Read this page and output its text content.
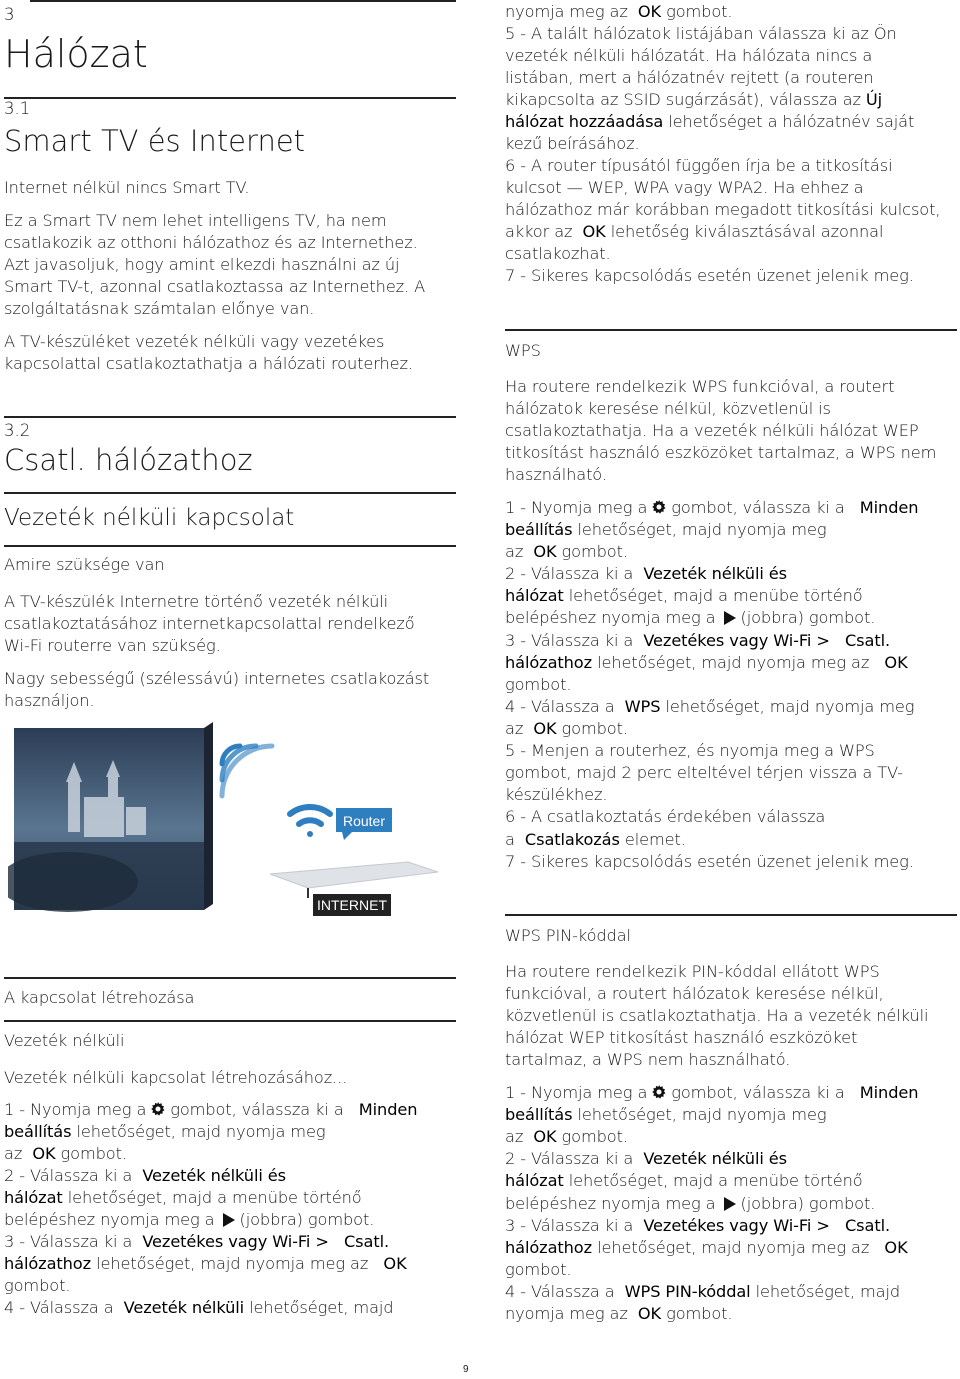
3
Hálózat
3.1
Smart TV és Internet
Internet nélkül nincs Smart TV.
Ez a Smart TV nem lehet intelligens TV, ha nem
csatlakozik az otthoni hálózathoz és az Internethez.
Azt javasoljuk, hogy amint elkezdi használni az új
Smart TV-t, azonnal csatlakoztassa az Internethez. A
szolgáltatásnak számtalan előnye van.
A TV-készüléket vezeték nélküli vagy vezetékes
kapcsolattal csatlakoztathatja a hálózati routerhez.
3.2
Csatl. hálózathoz
Vezeték nélküli kapcsolat
Amire szüksége van
A TV-készülék Internetre történő vezeték nélküli
csatlakoztatásához internetkapcsolattal rendelkező
Wi-Fi routerre van szükség.
Nagy sebességű (szélessávú) internetes csatlakozást
használjon.
Router
INTERNET
A kapcsolat létrehozása
Vezeték nélküli
Vezeték nélküli kapcsolat létrehozásához...
1 - Nyomja meg a gombot, válassza ki a Minden
beállítás lehetőséget, majd nyomja meg
az OK gombot.
2 - Válassza ki a Vezeték nélküli és
hálózat lehetőséget, majd a menübe történő
belépéshez nyomja meg a (jobbra) gombot.
3 - Válassza ki a Vezetékes vagy Wi-Fi > Csatl.
hálózathoz lehetőséget, majd nyomja meg az OK
gombot.
4 - Válassza a Vezeték nélküli lehetőséget, majd
nyomja meg az OK gombot.
5 - A talált hálózatok listájában válassza ki az Ön
vezeték nélküli hálózatát. Ha hálózata nincs a
listában, mert a hálózatnév rejtett (a routeren
kikapcsolta az SSID sugárzását), válassza az Új
hálózat hozzáadása lehetőséget a hálózatnév saját
kezű beírásához.
6 - A router típusától függően írja be a titkosítási
kulcsot — WEP, WPA vagy WPA2. Ha ehhez a
hálózathoz már korábban megadott titkosítási kulcsot,
akkor az OK lehetőség kiválasztásával azonnal
csatlakozhat.
7 - Sikeres kapcsolódás esetén üzenet jelenik meg.
WPS
Ha routere rendelkezik WPS funkcióval, a routert
hálózatok keresése nélkül, közvetlenül is
csatlakoztathatja. Ha a vezeték nélküli hálózat WEP
titkosítást használó eszközöket tartalmaz, a WPS nem
használható.
1 - Nyomja meg a gombot, válassza ki a Minden
beállítás lehetőséget, majd nyomja meg
az OK gombot.
2 - Válassza ki a Vezeték nélküli és
hálózat lehetőséget, majd a menübe történő
belépéshez nyomja meg a (jobbra) gombot.
3 - Válassza ki a Vezetékes vagy Wi-Fi > Csatl.
hálózathoz lehetőséget, majd nyomja meg az OK
gombot.
4 - Válassza a WPS lehetőséget, majd nyomja meg
az OK gombot.
5 - Menjen a routerhez, és nyomja meg a WPS
gombot, majd 2 perc elteltével térjen vissza a TV-
készülékhez.
6 - A csatlakoztatás érdekében válassza
a Csatlakozás elemet.
7 - Sikeres kapcsolódás esetén üzenet jelenik meg.
WPS PIN-kóddal
Ha routere rendelkezik PIN-kóddal ellátott WPS
funkcióval, a routert hálózatok keresése nélkül,
közvetlenül is csatlakoztathatja. Ha a vezeték nélküli
hálózat WEP titkosítást használó eszközöket
tartalmaz, a WPS nem használható.
1 - Nyomja meg a gombot, válassza ki a Minden
beállítás lehetőséget, majd nyomja meg
az OK gombot.
2 - Válassza ki a Vezeték nélküli és
hálózat lehetőséget, majd a menübe történő
belépéshez nyomja meg a (jobbra) gombot.
3 - Válassza ki a Vezetékes vagy Wi-Fi > Csatl.
hálózathoz lehetőséget, majd nyomja meg az OK
gombot.
4 - Válassza a WPS PIN-kóddal lehetőséget, majd
nyomja meg az OK gombot.
9
